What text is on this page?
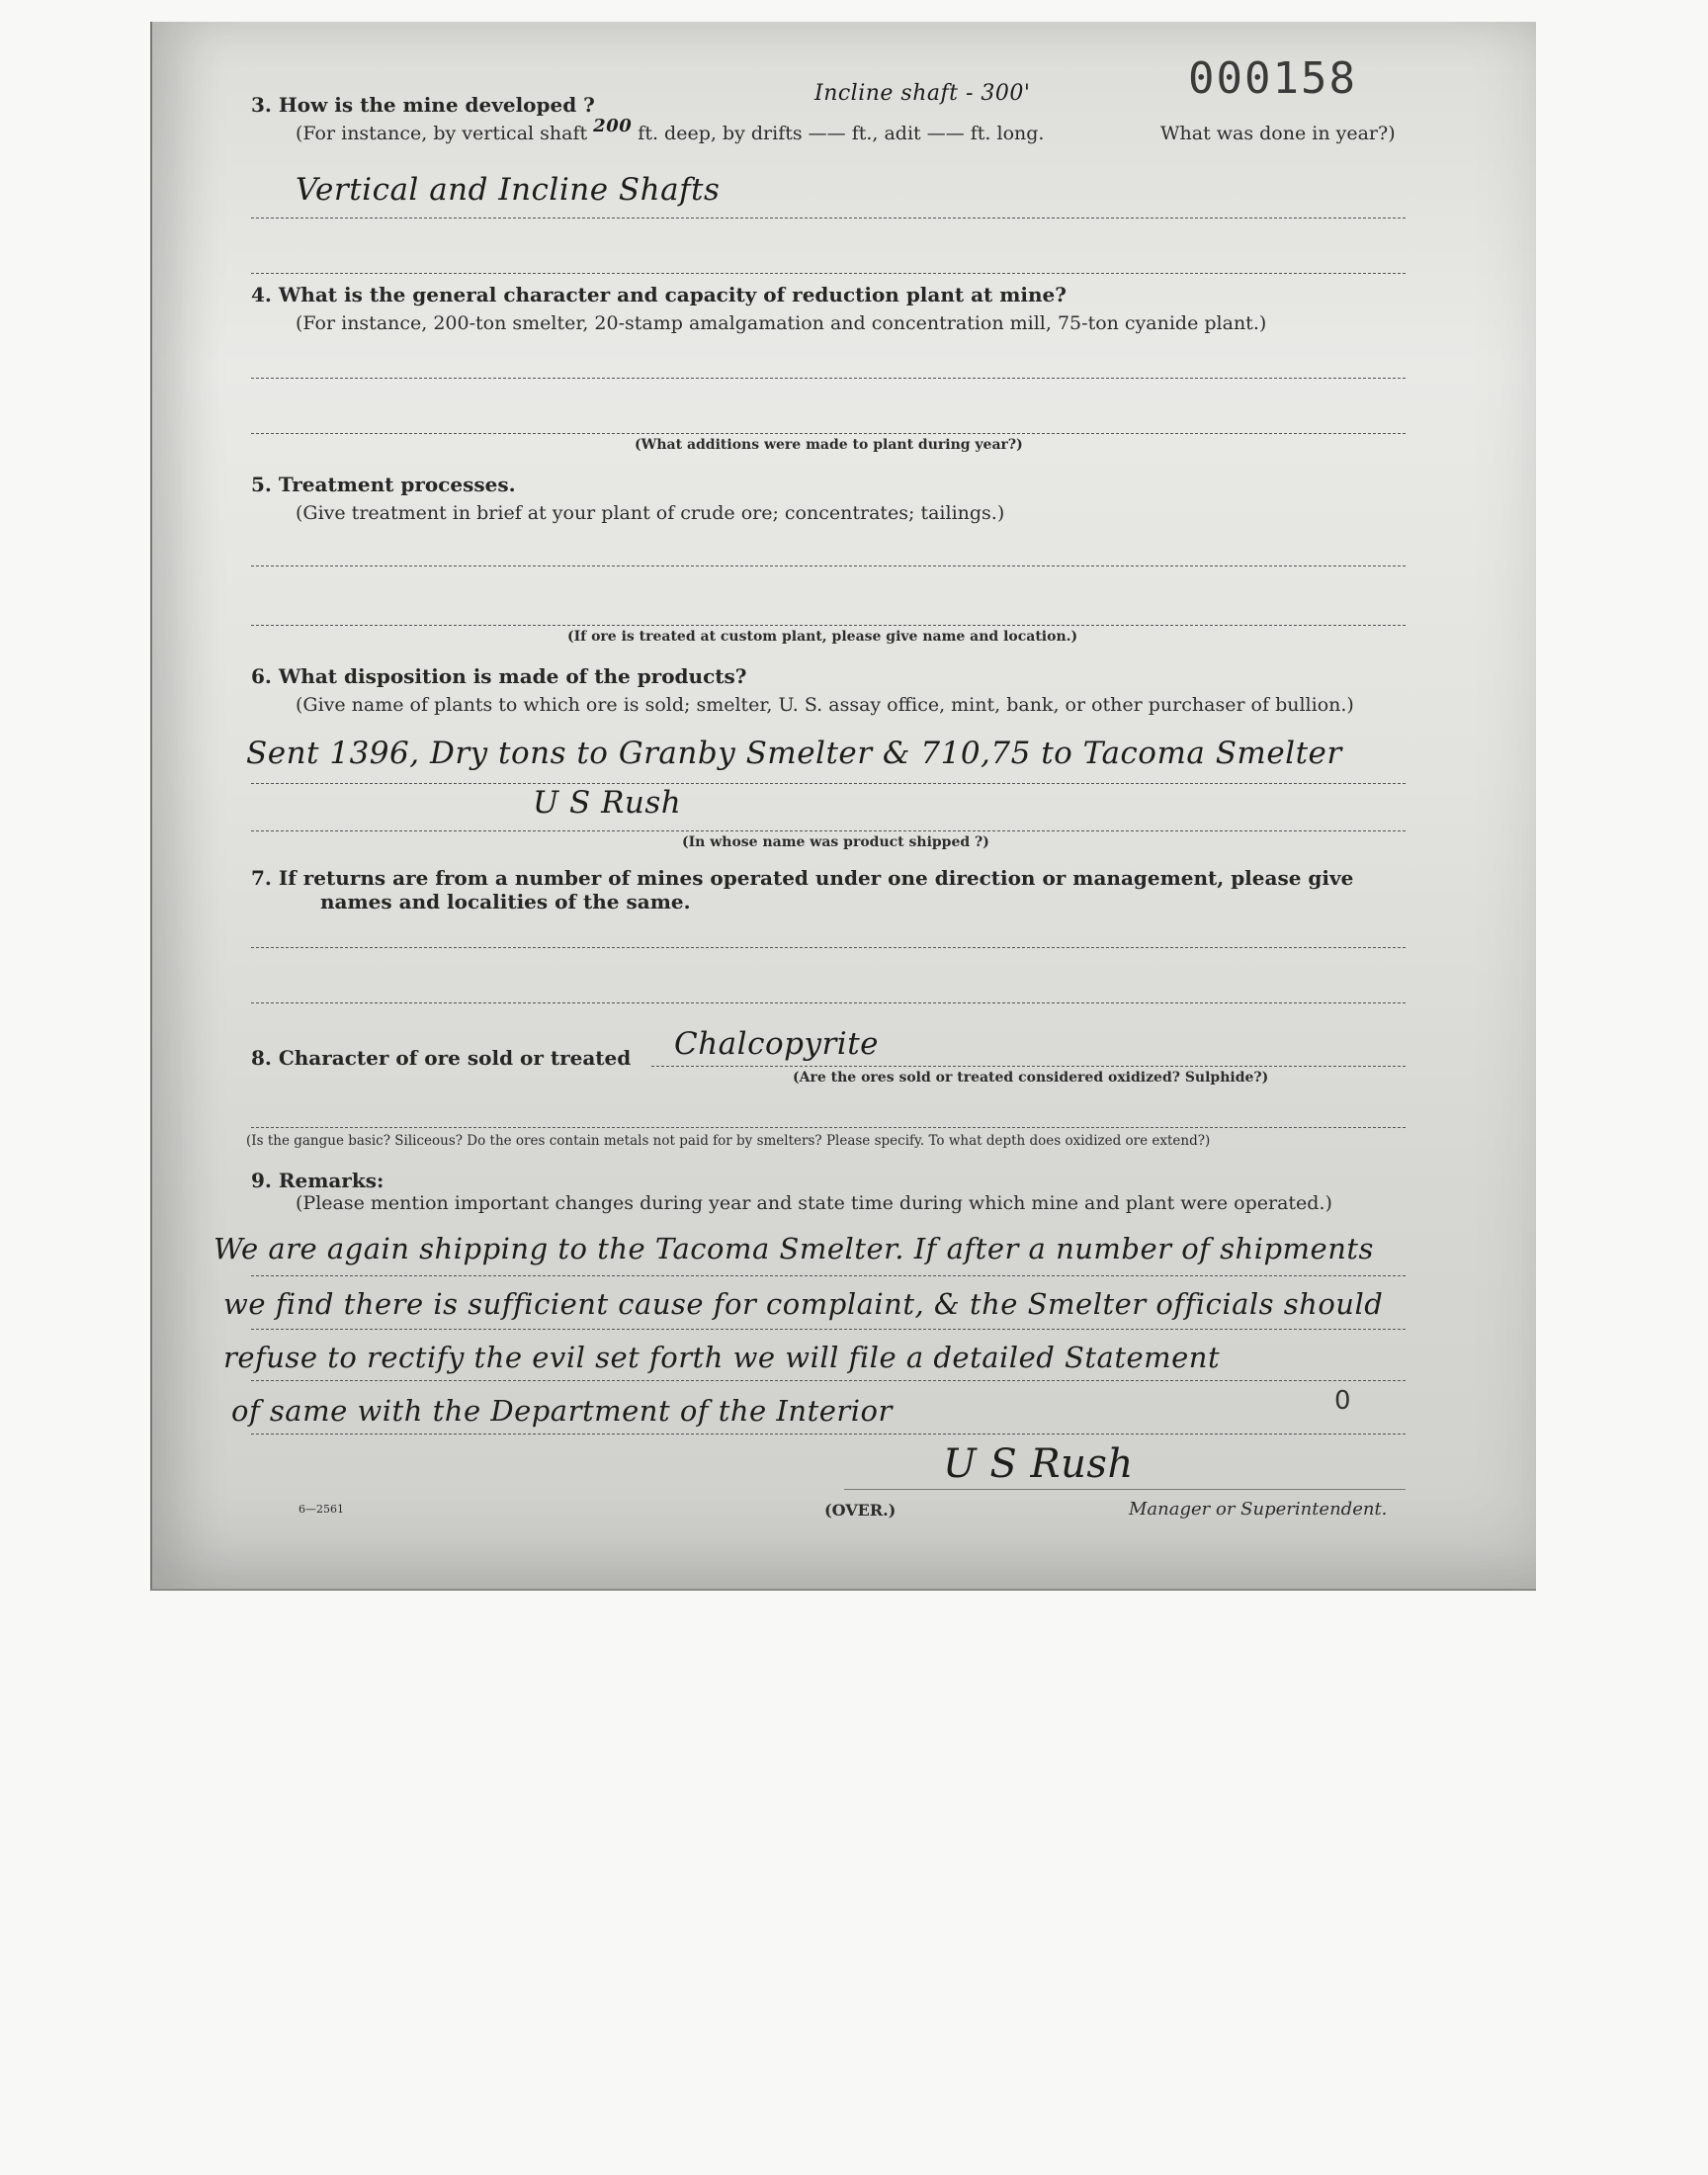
000158
3. How is the mine developed ?	Incline shaft - 300'
(For instance, by vertical shaft 200 ft. deep, by drifts —— ft., adit —— ft. long.	What was done in year?)
Vertical and Incline Shafts
4. What is the general character and capacity of reduction plant at mine?
(For instance, 200-ton smelter, 20-stamp amalgamation and concentration mill, 75-ton cyanide plant.)
(What additions were made to plant during year?)
5. Treatment processes.
(Give treatment in brief at your plant of crude ore; concentrates; tailings.)
(If ore is treated at custom plant, please give name and location.)
6. What disposition is made of the products?
(Give name of plants to which ore is sold; smelter, U. S. assay office, mint, bank, or other purchaser of bullion.)
Sent 1396, Dry tons to Granby Smelter & 710,75 to Tacoma Smelter
U S Rush
(In whose name was product shipped ?)
7. If returns are from a number of mines operated under one direction or management, please give
names and localities of the same.
8. Character of ore sold or treated Chalcopyrite
(Are the ores sold or treated considered oxidized? Sulphide?)
(Is the gangue basic? Siliceous? Do the ores contain metals not paid for by smelters? Please specify. To what depth does oxidized ore extend?)
9. Remarks:
(Please mention important changes during year and state time during which mine and plant were operated.)
We are again shipping to the Tacoma Smelter. If after a number of shipments
we find there is sufficient cause for complaint, & the Smelter officials should
refuse to rectify the evil set forth we will file a detailed Statement
0
of same with the Department of the Interior
U S Rush
6—2561	(OVER.)	Manager or Superintendent.
